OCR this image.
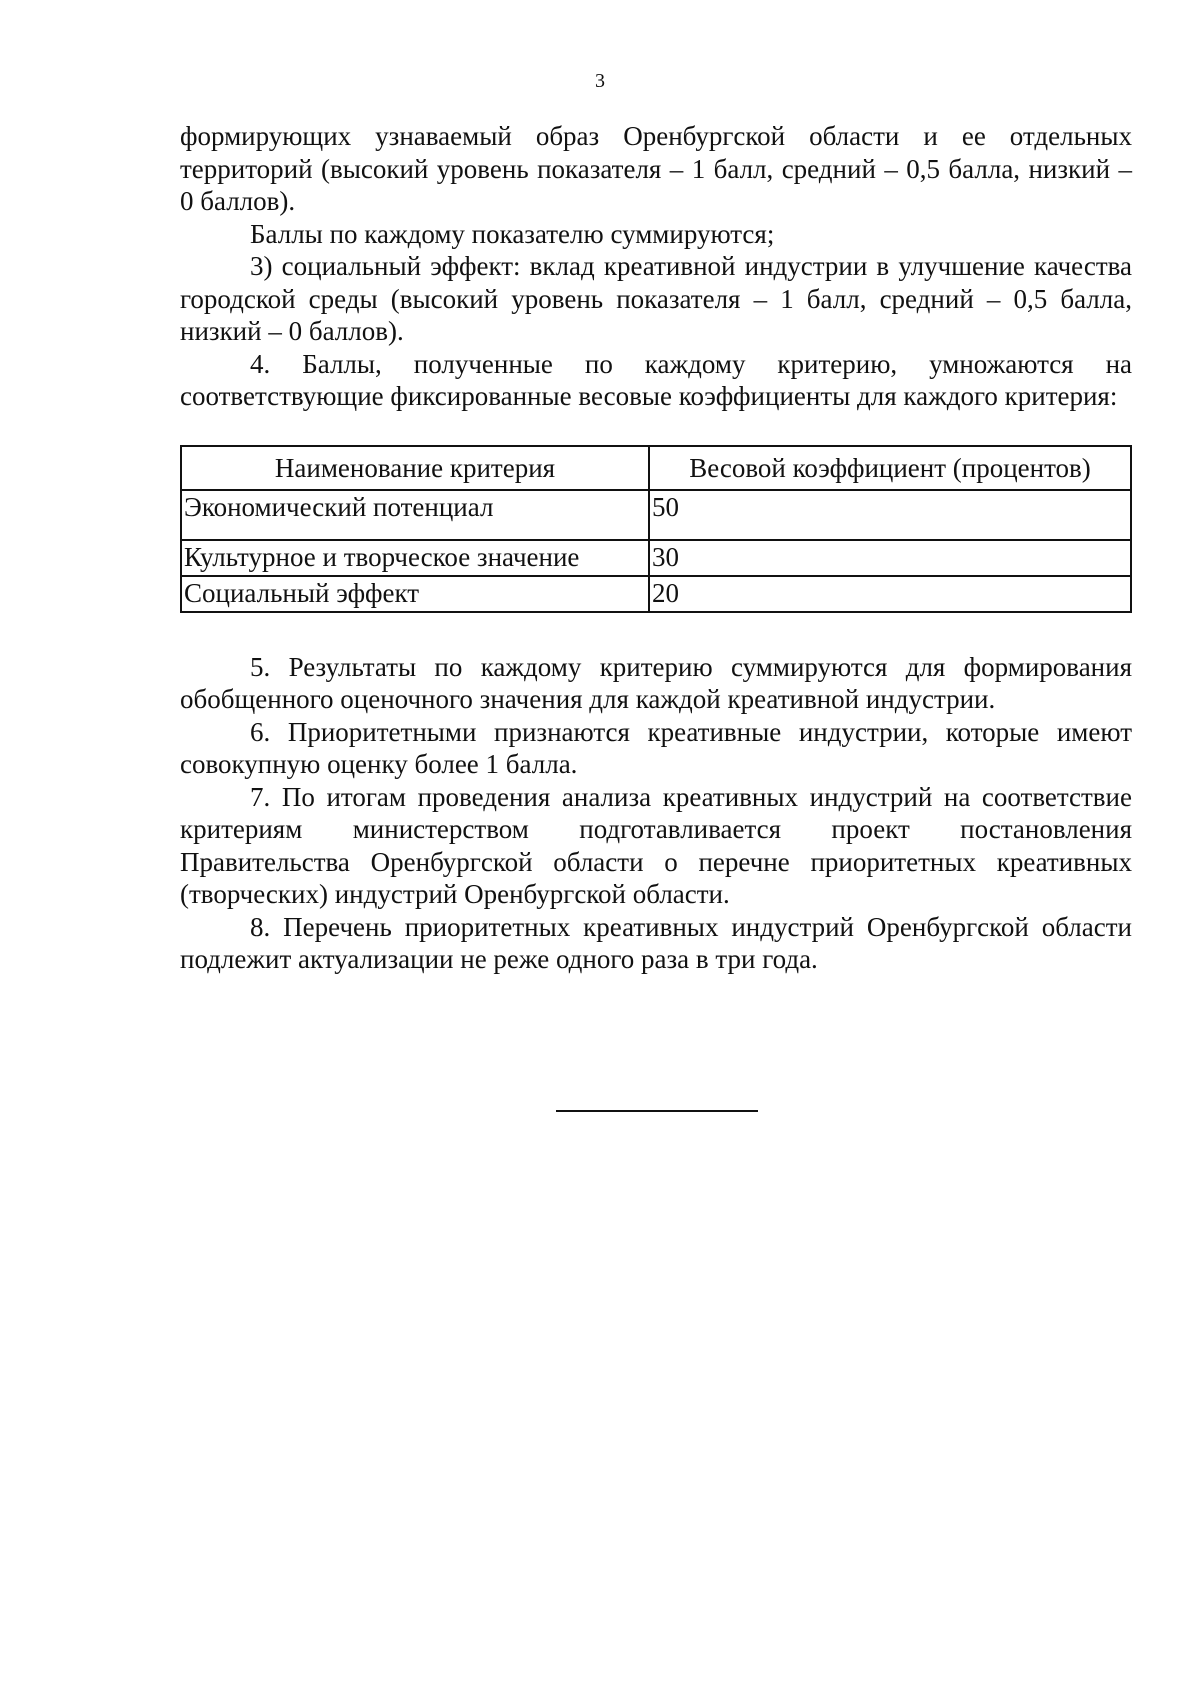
3

формирующих узнаваемый образ Оренбургской области и ее отдельных территорий (высокий уровень показателя – 1 балл, средний – 0,5 балла, низкий – 0 баллов).

Баллы по каждому показателю суммируются;

3) социальный эффект: вклад креативной индустрии в улучшение качества городской среды (высокий уровень показателя – 1 балл, средний – 0,5 балла, низкий – 0 баллов).

4. Баллы, полученные по каждому критерию, умножаются на соответствующие фиксированные весовые коэффициенты для каждого критерия:

Наименование критерия	Весовой коэффициент (процентов)
Экономический потенциал	50
Культурное и творческое значение	30
Социальный эффект	20

5. Результаты по каждому критерию суммируются для формирования обобщенного оценочного значения для каждой креативной индустрии.

6. Приоритетными признаются креативные индустрии, которые имеют совокупную оценку более 1 балла.

7. По итогам проведения анализа креативных индустрий на соответствие критериям министерством подготавливается проект постановления Правительства Оренбургской области о перечне приоритетных креативных (творческих) индустрий Оренбургской области.

8. Перечень приоритетных креативных индустрий Оренбургской области подлежит актуализации не реже одного раза в три года.
